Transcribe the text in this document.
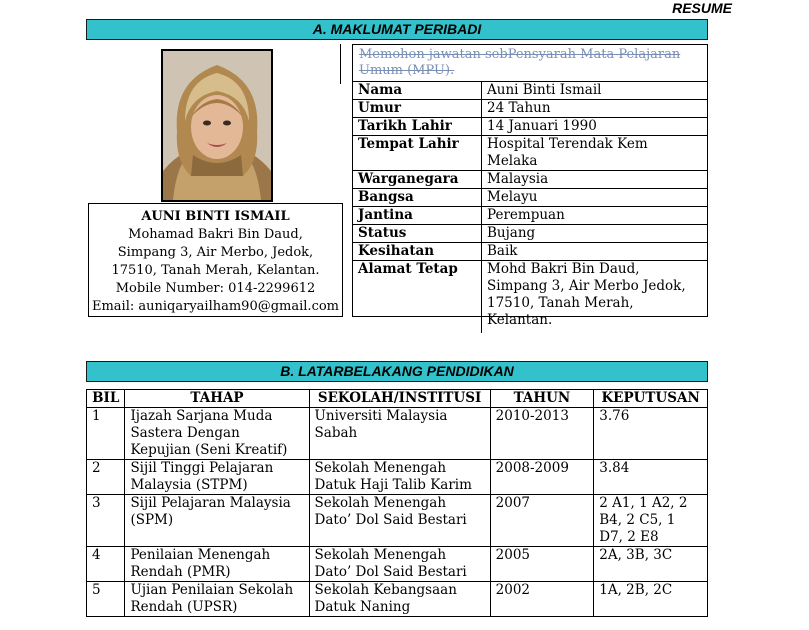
RESUME
A. MAKLUMAT PERIBADI
AUNI BINTI ISMAIL
Mohamad Bakri Bin Daud,
Simpang 3, Air Merbo, Jedok,
17510, Tanah Merah, Kelantan.
Mobile Number: 014-2299612
Email: auniqaryailham90@gmail.com
Memohon jawatan sebPensyarah Mata Pelajaran Umum (MPU).
Nama	Auni Binti Ismail
Umur	24 Tahun
Tarikh Lahir	14 Januari 1990
Tempat Lahir	Hospital Terendak Kem Melaka
Warganegara	Malaysia
Bangsa	Melayu
Jantina	Perempuan
Status	Bujang
Kesihatan	Baik
Alamat Tetap	Mohd Bakri Bin Daud, Simpang 3, Air Merbo Jedok, 17510, Tanah Merah, Kelantan.
B. LATARBELAKANG PENDIDIKAN
BIL	TAHAP	SEKOLAH/INSTITUSI	TAHUN	KEPUTUSAN
1	Ijazah Sarjana Muda Sastera Dengan Kepujian (Seni Kreatif)	Universiti Malaysia Sabah	2010-2013	3.76
2	Sijil Tinggi Pelajaran Malaysia (STPM)	Sekolah Menengah Datuk Haji Talib Karim	2008-2009	3.84
3	Sijil Pelajaran Malaysia (SPM)	Sekolah Menengah Dato’ Dol Said Bestari	2007	2 A1, 1 A2, 2 B4, 2 C5, 1 D7, 2 E8
4	Penilaian Menengah Rendah (PMR)	Sekolah Menengah Dato’ Dol Said Bestari	2005	2A, 3B, 3C
5	Ujian Penilaian Sekolah Rendah (UPSR)	Sekolah Kebangsaan Datuk Naning	2002	1A, 2B, 2C
